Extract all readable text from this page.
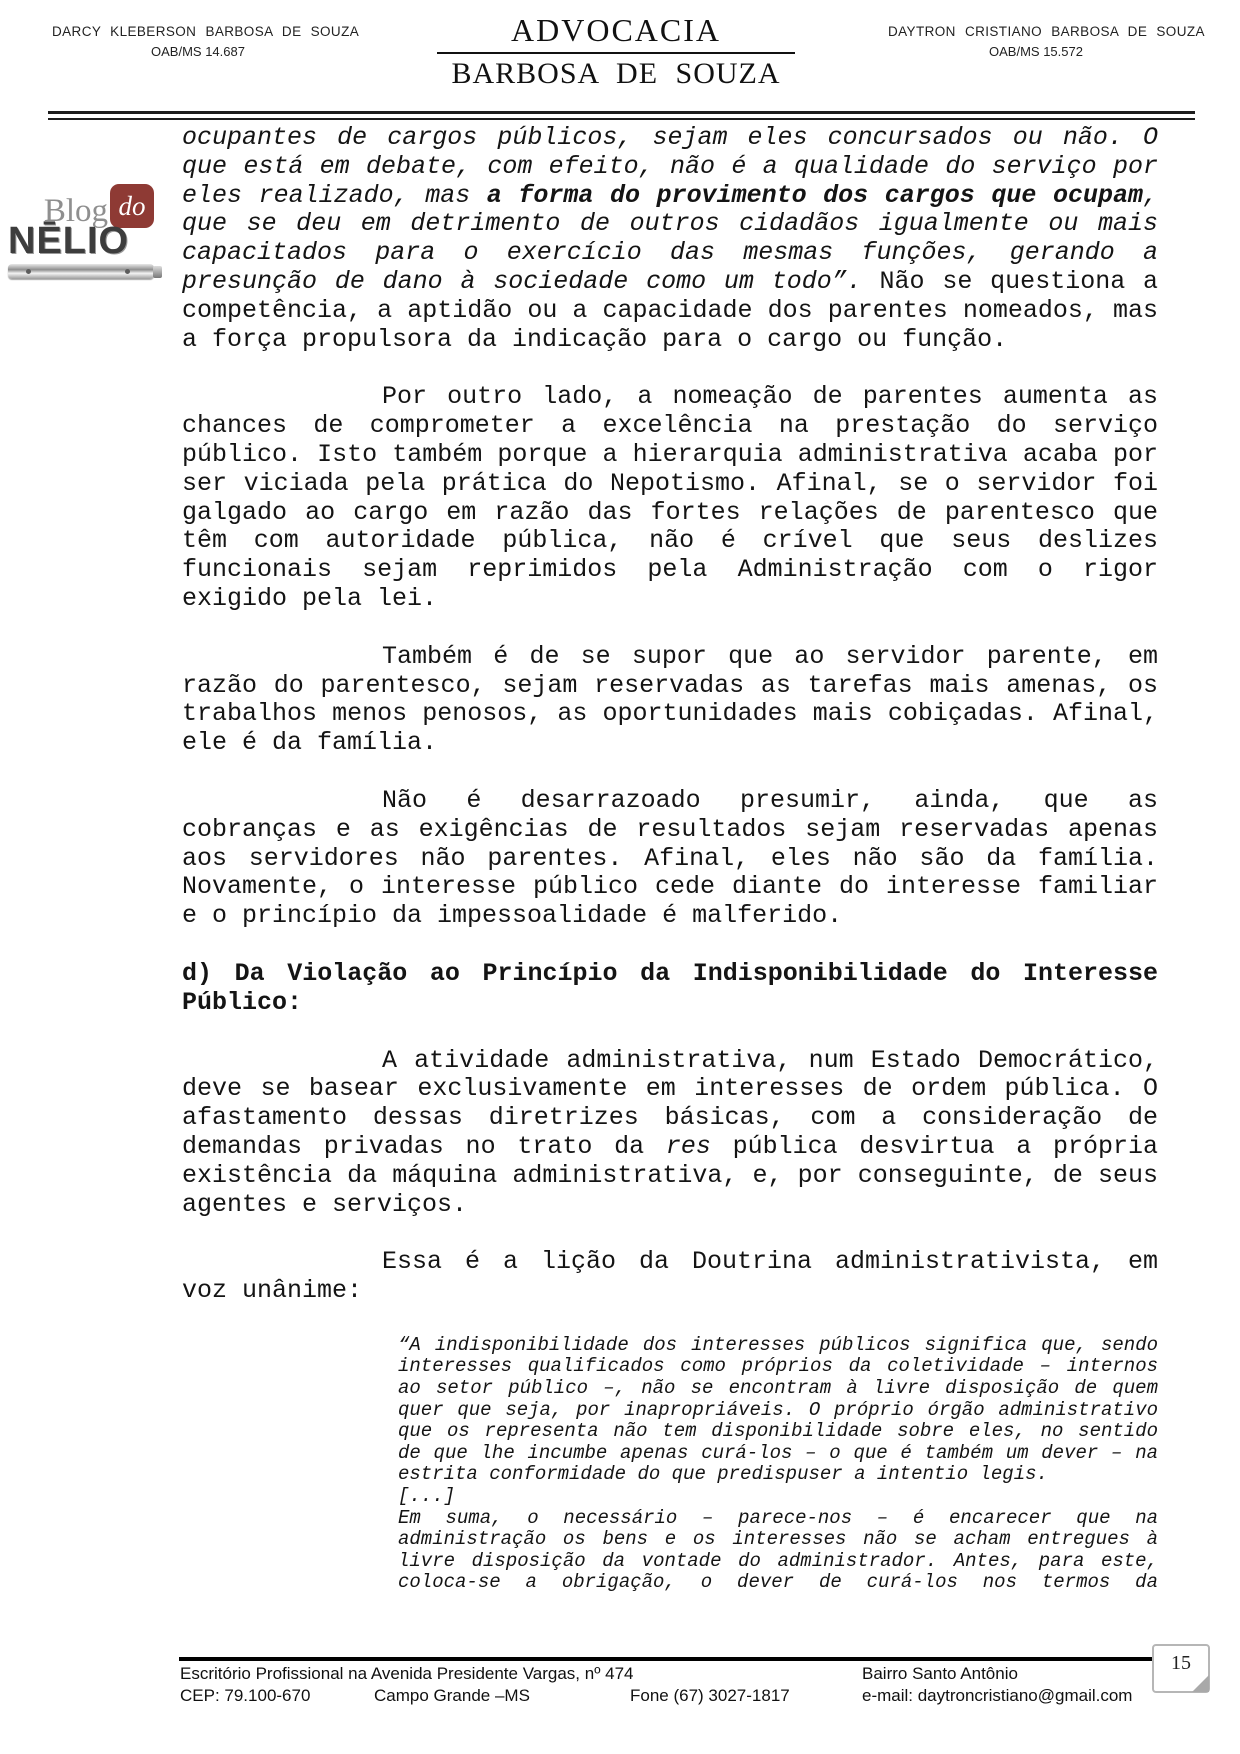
DARCY KLEBERSON BARBOSA DE SOUZA
OAB/MS 14.687
ADVOCACIA
BARBOSA DE SOUZA
DAYTRON CRISTIANO BARBOSA DE SOUZA
OAB/MS 15.572
Blog do
NĒLIO

ocupantes de cargos públicos, sejam eles concursados ou não. O que está em debate, com efeito, não é a qualidade do serviço por eles realizado, mas a forma do provimento dos cargos que ocupam, que se deu em detrimento de outros cidadãos igualmente ou mais capacitados para o exercício das mesmas funções, gerando a presunção de dano à sociedade como um todo”. Não se questiona a competência, a aptidão ou a capacidade dos parentes nomeados, mas a força propulsora da indicação para o cargo ou função.

Por outro lado, a nomeação de parentes aumenta as chances de comprometer a excelência na prestação do serviço público. Isto também porque a hierarquia administrativa acaba por ser viciada pela prática do Nepotismo. Afinal, se o servidor foi galgado ao cargo em razão das fortes relações de parentesco que têm com autoridade pública, não é crível que seus deslizes funcionais sejam reprimidos pela Administração com o rigor exigido pela lei.

Também é de se supor que ao servidor parente, em razão do parentesco, sejam reservadas as tarefas mais amenas, os trabalhos menos penosos, as oportunidades mais cobiçadas. Afinal, ele é da família.

Não é desarrazoado presumir, ainda, que as cobranças e as exigências de resultados sejam reservadas apenas aos servidores não parentes. Afinal, eles não são da família. Novamente, o interesse público cede diante do interesse familiar e o princípio da impessoalidade é malferido.

d) Da Violação ao Princípio da Indisponibilidade do Interesse Público:

A atividade administrativa, num Estado Democrático, deve se basear exclusivamente em interesses de ordem pública. O afastamento dessas diretrizes básicas, com a consideração de demandas privadas no trato da res pública desvirtua a própria existência da máquina administrativa, e, por conseguinte, de seus agentes e serviços.

Essa é a lição da Doutrina administrativista, em voz unânime:

“A indisponibilidade dos interesses públicos significa que, sendo interesses qualificados como próprios da coletividade – internos ao setor público –, não se encontram à livre disposição de quem quer que seja, por inapropriáveis. O próprio órgão administrativo que os representa não tem disponibilidade sobre eles, no sentido de que lhe incumbe apenas curá-los – o que é também um dever – na estrita conformidade do que predispuser a intentio legis.

[...]

Em suma, o necessário – parece-nos – é encarecer que na administração os bens e os interesses não se acham entregues à livre disposição da vontade do administrador. Antes, para este, coloca-se a obrigação, o dever de curá-los nos termos da

Escritório Profissional na Avenida Presidente Vargas, nº 474	Bairro Santo Antônio
CEP: 79.100-670	Campo Grande –MS	Fone (67) 3027-1817	e-mail: daytroncristiano@gmail.com
15
